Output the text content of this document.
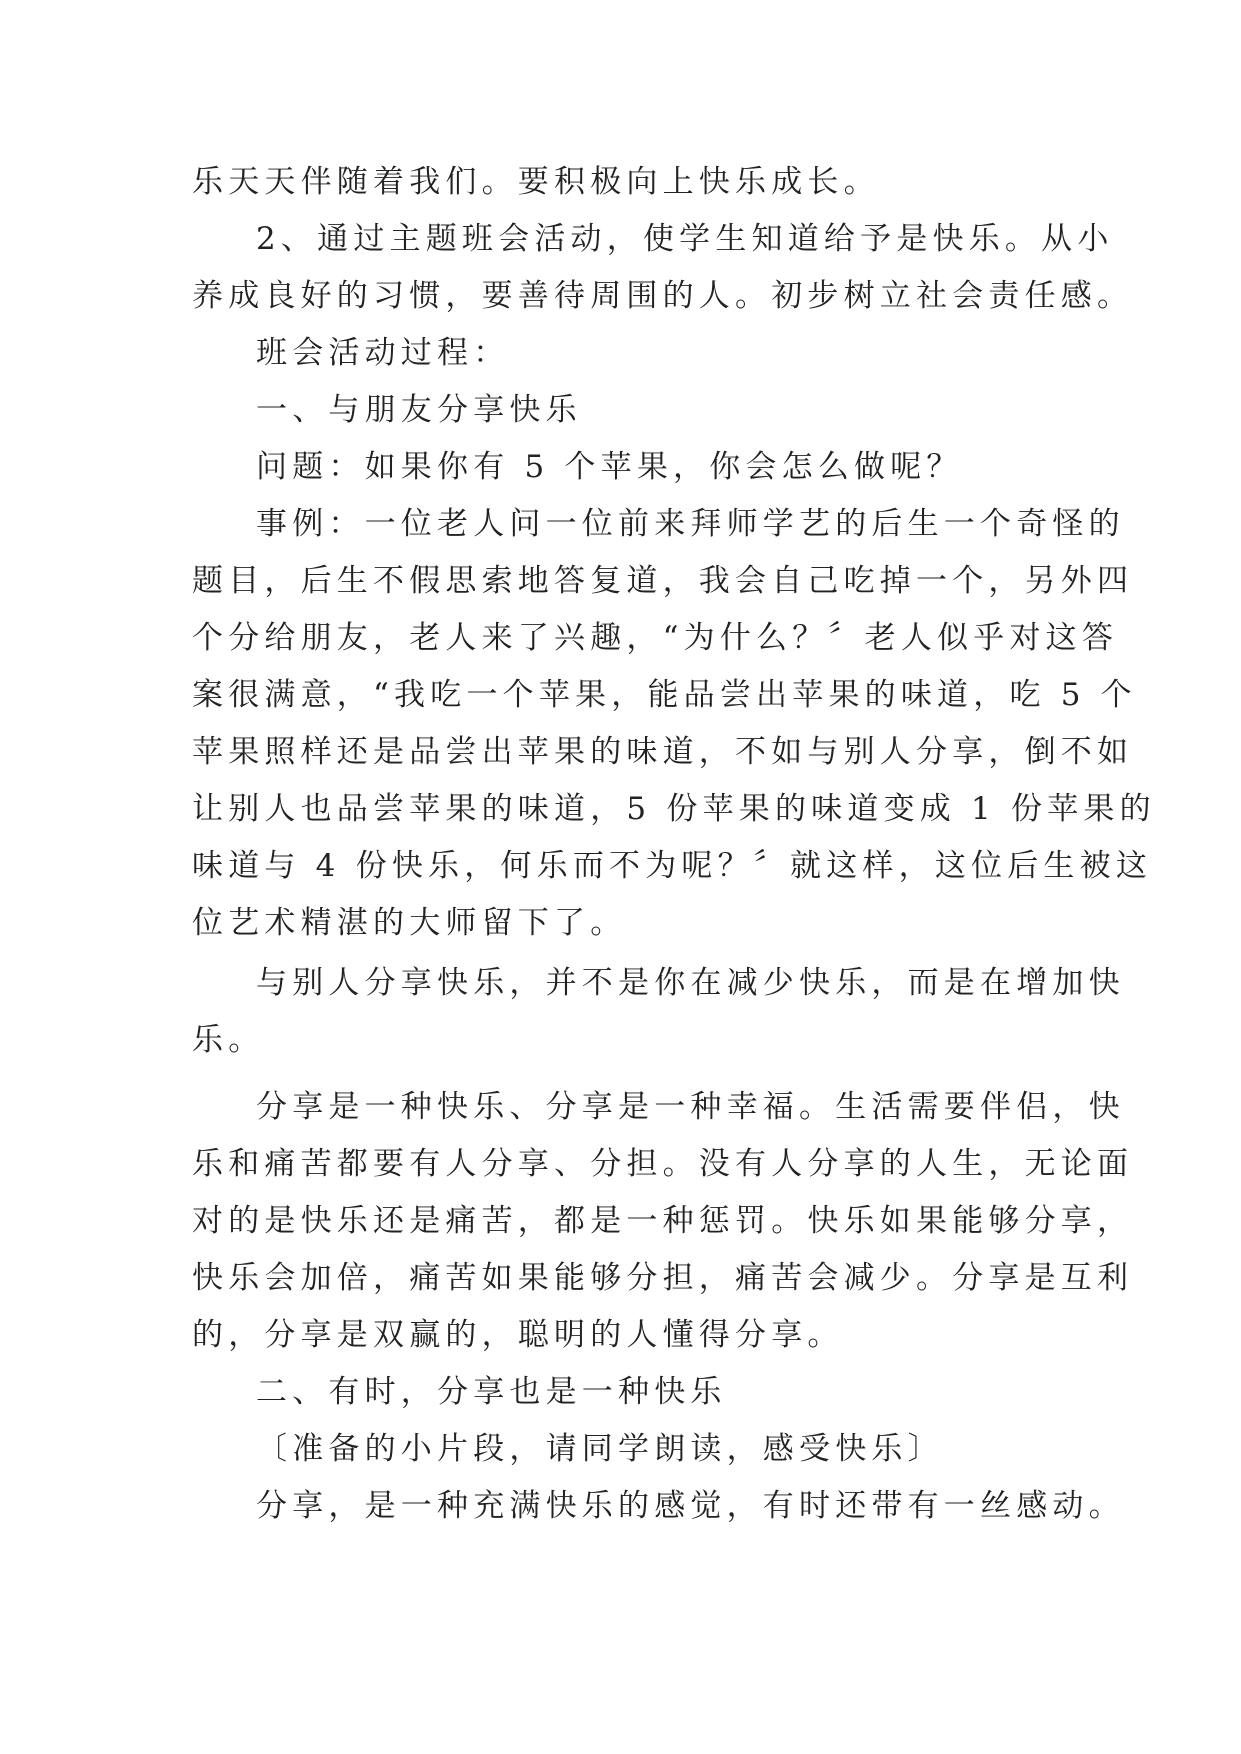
乐天天伴随着我们。要积极向上快乐成长。
2、通过主题班会活动，使学生知道给予是快乐。从小
养成良好的习惯，要善待周围的人。初步树立社会责任感。
班会活动过程：
一、与朋友分享快乐
问题：如果你有 5 个苹果，你会怎么做呢？
事例：一位老人问一位前来拜师学艺的后生一个奇怪的
题目，后生不假思索地答复道，我会自己吃掉一个，另外四
个分给朋友，老人来了兴趣，“为什么？〞老人似乎对这答
案很满意，“我吃一个苹果，能品尝出苹果的味道，吃 5 个
苹果照样还是品尝出苹果的味道，不如与别人分享，倒不如
让别人也品尝苹果的味道，5 份苹果的味道变成 1 份苹果的
味道与 4 份快乐，何乐而不为呢？〞就这样，这位后生被这
位艺术精湛的大师留下了。
与别人分享快乐，并不是你在减少快乐，而是在增加快
乐。
分享是一种快乐、分享是一种幸福。生活需要伴侣，快
乐和痛苦都要有人分享、分担。没有人分享的人生，无论面
对的是快乐还是痛苦，都是一种惩罚。快乐如果能够分享，
快乐会加倍，痛苦如果能够分担，痛苦会减少。分享是互利
的，分享是双赢的，聪明的人懂得分享。
二、有时，分享也是一种快乐
〔准备的小片段，请同学朗读，感受快乐〕
分享，是一种充满快乐的感觉，有时还带有一丝感动。
